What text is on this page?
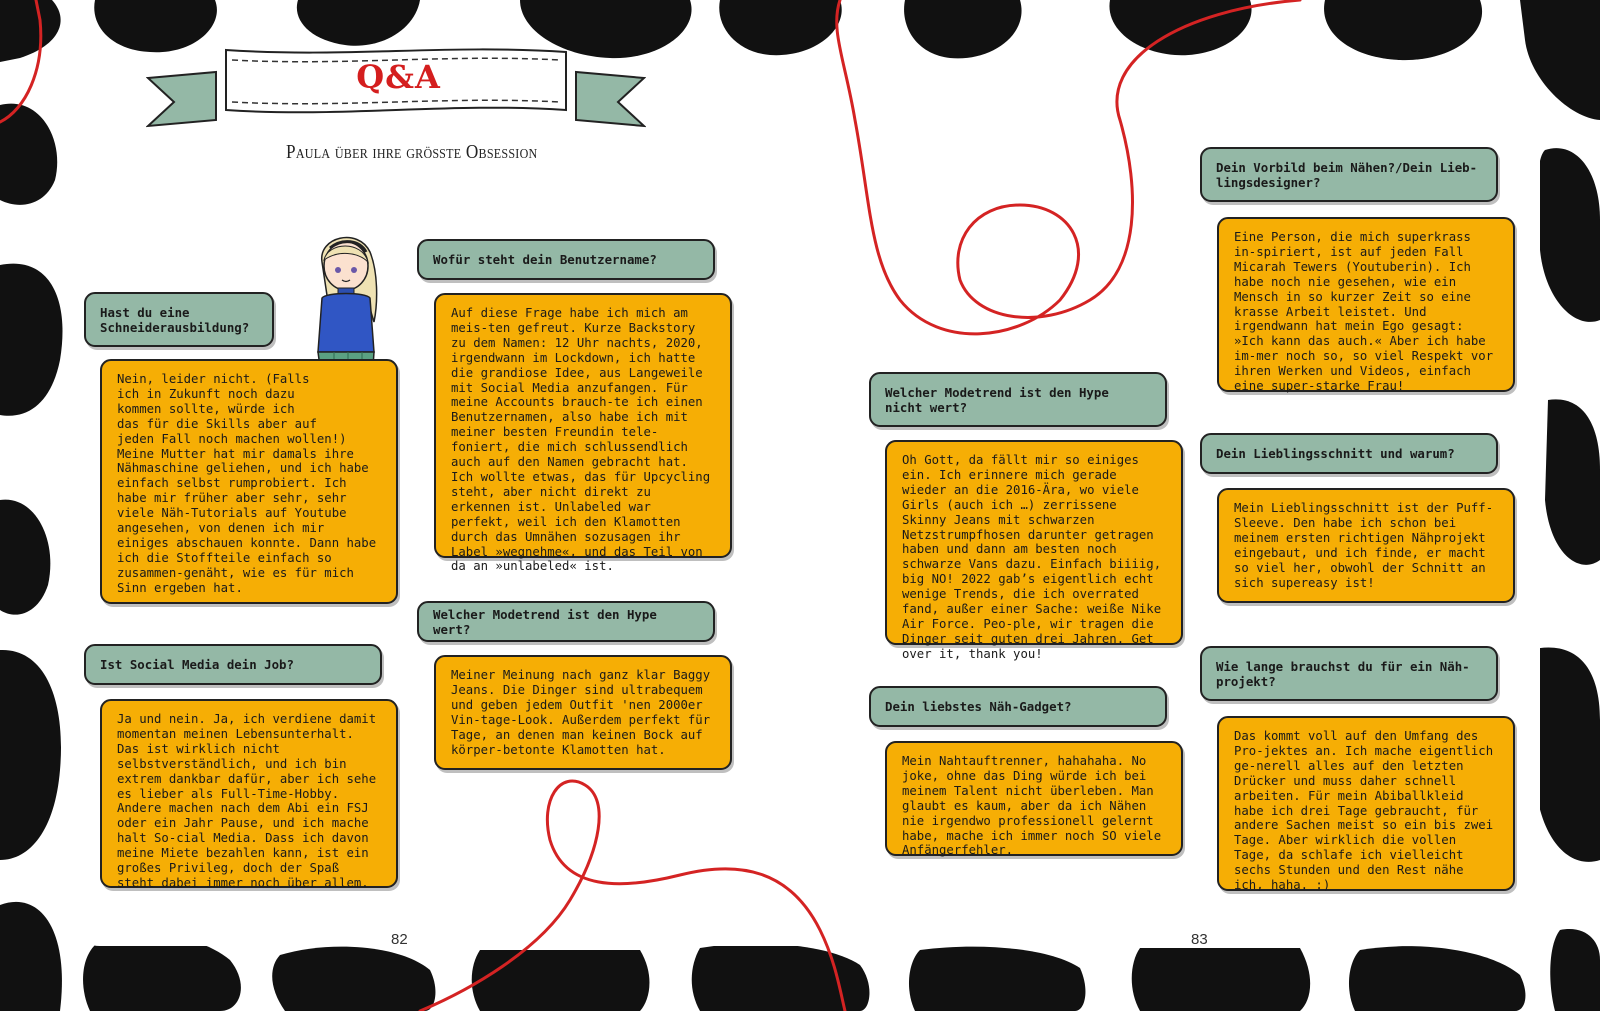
Q&A
Paula über ihre größte Obsession
Hast du eine
Schneiderausbildung?
Nein, leider nicht. (Falls
ich in Zukunft noch dazu
kommen sollte, würde ich
das für die Skills aber auf
jeden Fall noch machen wollen!) Meine Mutter hat mir damals ihre Nähmaschine geliehen, und ich habe einfach selbst rumprobiert. Ich habe mir früher aber sehr, sehr viele Näh-Tutorials auf Youtube angesehen, von denen ich mir einiges abschauen konnte. Dann habe ich die Stoffteile einfach so zusammen-genäht, wie es für mich Sinn ergeben hat.
Ist Social Media dein Job?
Ja und nein. Ja, ich verdiene damit momentan meinen Lebensunterhalt. Das ist wirklich nicht selbstverständlich, und ich bin extrem dankbar dafür, aber ich sehe es lieber als Full-Time-Hobby. Andere machen nach dem Abi ein FSJ oder ein Jahr Pause, und ich mache halt So-cial Media. Dass ich davon meine Miete bezahlen kann, ist ein großes Privileg, doch der Spaß steht dabei immer noch über allem.
Wofür steht dein Benutzername?
Auf diese Frage habe ich mich am meis-ten gefreut. Kurze Backstory zu dem Namen: 12 Uhr nachts, 2020, irgendwann im Lockdown, ich hatte die grandiose Idee, aus Langeweile mit Social Media anzufangen. Für meine Accounts brauch-te ich einen Benutzernamen, also habe ich mit meiner besten Freundin tele-foniert, die mich schlussendlich auch auf den Namen gebracht hat. Ich wollte etwas, das für Upcycling steht, aber nicht direkt zu erkennen ist. Unlabeled war perfekt, weil ich den Klamotten durch das Umnähen sozusagen ihr Label »wegnehme«, und das Teil von da an »unlabeled« ist.
Welcher Modetrend ist den Hype wert?
Meiner Meinung nach ganz klar Baggy Jeans. Die Dinger sind ultrabequem und geben jedem Outfit 'nen 2000er Vin-tage-Look. Außerdem perfekt für Tage, an denen man keinen Bock auf körper-betonte Klamotten hat.
Welcher Modetrend ist den Hype nicht wert?
Oh Gott, da fällt mir so einiges ein. Ich erinnere mich gerade wieder an die 2016-Ära, wo viele Girls (auch ich …) zerrissene Skinny Jeans mit schwarzen Netzstrumpfhosen darunter getragen haben und dann am besten noch schwarze Vans dazu. Einfach biiiig, big NO! 2022 gab’s eigentlich echt wenige Trends, die ich overrated fand, außer einer Sache: weiße Nike Air Force. Peo-ple, wir tragen die Dinger seit guten drei Jahren. Get over it, thank you!
Dein liebstes Näh-Gadget?
Mein Nahtauftrenner, hahahaha. No joke, ohne das Ding würde ich bei meinem Talent nicht überleben. Man glaubt es kaum, aber da ich Nähen nie irgendwo professionell gelernt habe, mache ich immer noch SO viele Anfängerfehler.
Dein Vorbild beim Nähen?/Dein Lieb-lingsdesigner?
Eine Person, die mich superkrass in-spiriert, ist auf jeden Fall Micarah Tewers (Youtuberin). Ich habe noch nie gesehen, wie ein Mensch in so kurzer Zeit so eine krasse Arbeit leistet. Und irgendwann hat mein Ego gesagt: »Ich kann das auch.« Aber ich habe im-mer noch so, so viel Respekt vor ihren Werken und Videos, einfach eine super-starke Frau!
Dein Lieblingsschnitt und warum?
Mein Lieblingsschnitt ist der Puff-Sleeve. Den habe ich schon bei meinem ersten richtigen Nähprojekt eingebaut, und ich finde, er macht so viel her, obwohl der Schnitt an sich supereasy ist!
Wie lange brauchst du für ein Näh-projekt?
Das kommt voll auf den Umfang des Pro-jektes an. Ich mache eigentlich ge-nerell alles auf den letzten Drücker und muss daher schnell arbeiten. Für mein Abiballkleid habe ich drei Tage gebraucht, für andere Sachen meist so ein bis zwei Tage. Aber wirklich die vollen Tage, da schlafe ich vielleicht sechs Stunden und den Rest nähe ich, haha. :)
82	83
